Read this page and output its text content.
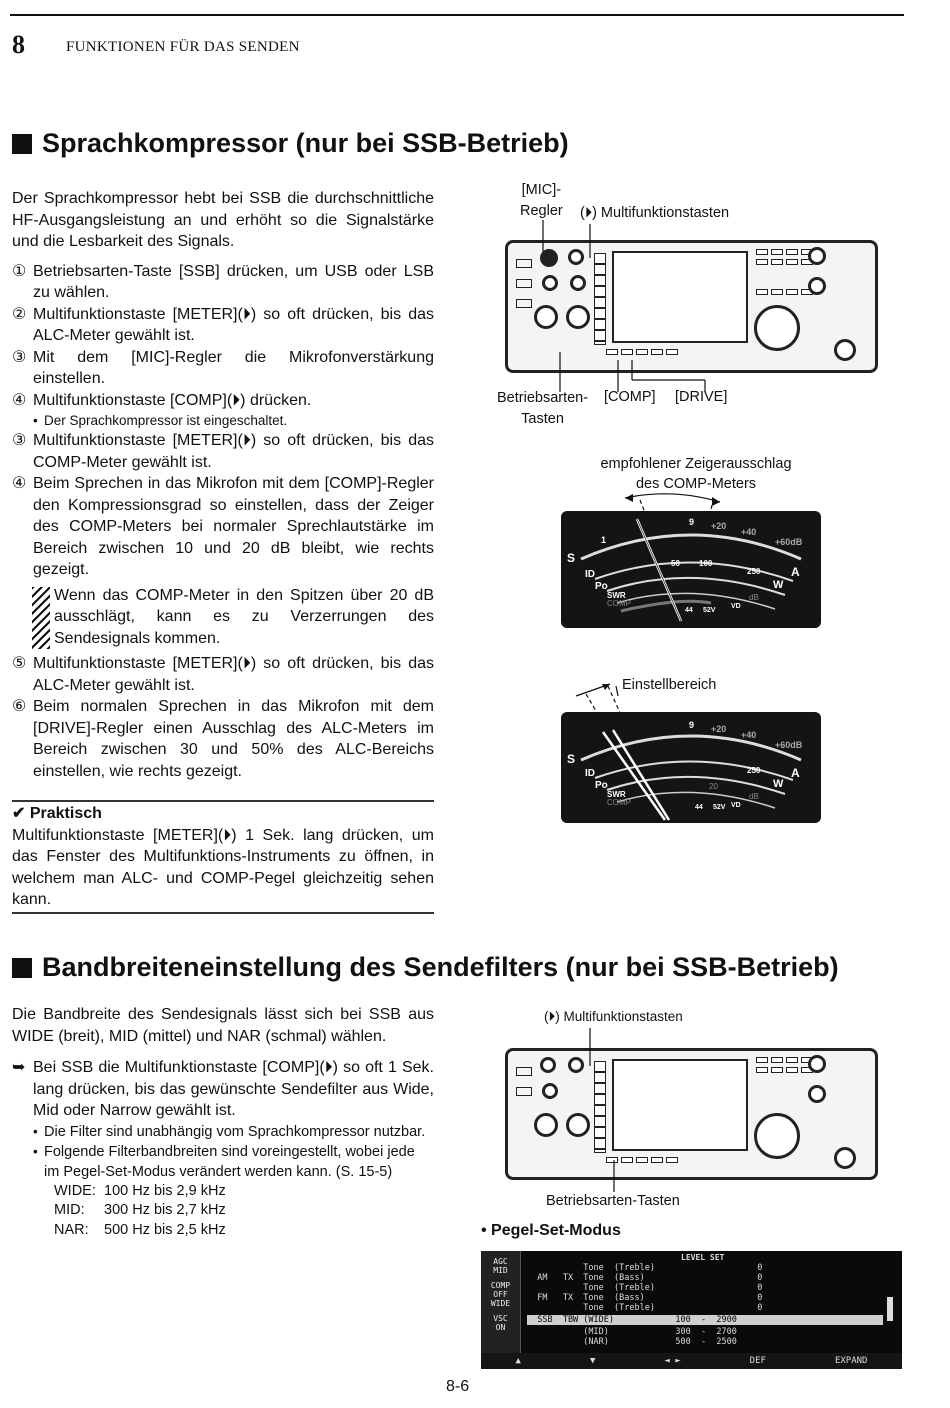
8	FUNKTIONEN FÜR DAS SENDEN
Sprachkompressor (nur bei SSB-Betrieb)

Der Sprachkompressor hebt bei SSB die durchschnittliche HF-Ausgangsleistung an und erhöht so die Signalstärke und die Lesbarkeit des Signals.

① Betriebsarten-Taste [SSB] drücken, um USB oder LSB zu wählen.
② Multifunktionstaste [METER](⏵) so oft drücken, bis das ALC-Meter gewählt ist.
③ Mit dem [MIC]-Regler die Mikrofonverstärkung einstellen.
④ Multifunktionstaste [COMP](⏵) drücken.
• Der Sprachkompressor ist eingeschaltet.
③ Multifunktionstaste [METER](⏵) so oft drücken, bis das COMP-Meter gewählt ist.
④ Beim Sprechen in das Mikrofon mit dem [COMP]-Regler den Kompressionsgrad so einstellen, dass der Zeiger des COMP-Meters bei normaler Sprechlautstärke im Bereich zwischen 10 und 20 dB bleibt, wie rechts gezeigt.
Wenn das COMP-Meter in den Spitzen über 20 dB ausschlägt, kann es zu Verzerrungen des Sendesignals kommen.
⑤ Multifunktionstaste [METER](⏵) so oft drücken, bis das ALC-Meter gewählt ist.
⑥ Beim normalen Sprechen in das Mikrofon mit dem [DRIVE]-Regler einen Ausschlag des ALC-Meters im Bereich zwischen 30 und 50% des ALC-Bereichs einstellen, wie rechts gezeigt.
✔ Praktisch

Multifunktionstaste [METER](⏵) 1 Sek. lang drücken, um das Fenster des Multifunktions-Instruments zu öffnen, in welchem man ALC- und COMP-Pegel gleichzeitig sehen kann.

[MIC]-
Regler (⏵) Multifunktionstasten
Betriebsarten-
Tasten
[COMP] [DRIVE]
empfohlener Zeigerausschlag
des COMP-Meters
S
ID
Po
SWR
COMP
A
W
dB
VD
1
9 +20
+40
+60dB
50 100
250
44 52V
Einstellbereich
S
ID
Po
SWR
COMP
A
W
dB
VD
9 +20
+40
+60dB
250
20
44 52V
Bandbreiteneinstellung des Sendefilters (nur bei SSB-Betrieb)

Die Bandbreite des Sendesignals lässt sich bei SSB aus WIDE (breit), MID (mittel) und NAR (schmal) wählen.

➥ Bei SSB die Multifunktionstaste [COMP](⏵) so oft 1 Sek. lang drücken, bis das gewünschte Sendefilter aus Wide, Mid oder Narrow gewählt ist.
• Die Filter sind unabhängig vom Sprachkompressor nutzbar.
• Folgende Filterbandbreiten sind voreingestellt, wobei jede im Pegel-Set-Modus verändert werden kann. (S. 15-5)
WIDE: 100 Hz bis 2,9 kHz
MID:	300 Hz bis 2,7 kHz
NAR:	500 Hz bis 2,5 kHz
(⏵) Multifunktionstasten
Betriebsarten-Tasten
• Pegel-Set-Modus
AGC
MID
COMP
OFF
WIDE
VSC
ON
LEVEL SET
Tone  (Treble)                    0
AM   TX  Tone  (Bass)                      0
Tone  (Treble)                    0
FM   TX  Tone  (Bass)                      0
Tone  (Treble)                    0
SSB  TBW (WIDE)            100  -  2900
(MID)             300  -  2700
(NAR)             500  -  2500
▲	▼	◄ ►	DEF	EXPAND
8-6
